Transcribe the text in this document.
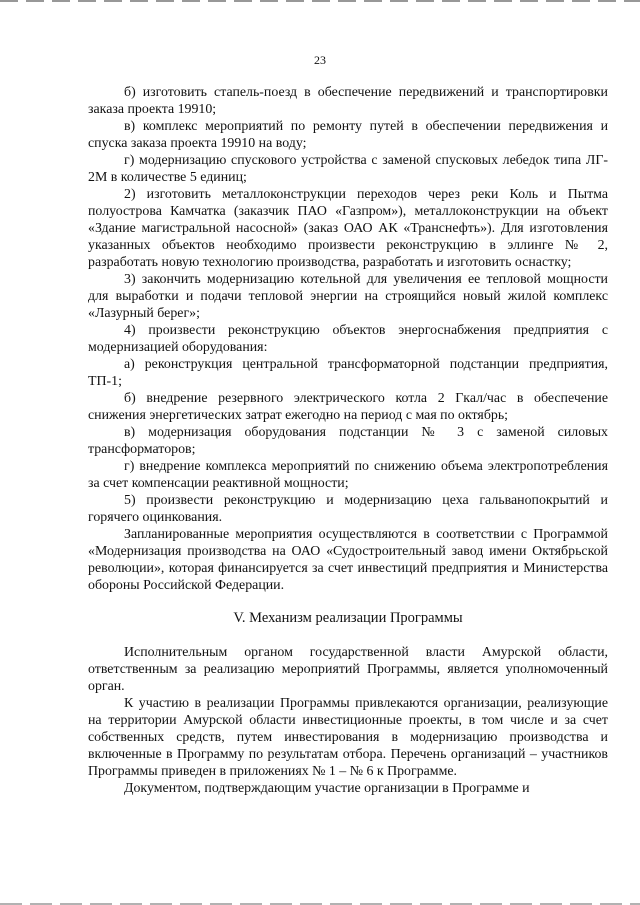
23

б) изготовить стапель-поезд в обеспечение передвижений и транспортировки заказа проекта 19910;

в) комплекс мероприятий по ремонту путей в обеспечении передвижения и спуска заказа проекта 19910 на воду;

г) модернизацию спускового устройства с заменой спусковых лебедок типа ЛГ- 2М в количестве 5 единиц;

2) изготовить металлоконструкции переходов через реки Коль и Пытма полуострова Камчатка (заказчик ПАО «Газпром»), металлоконструкции на объект «Здание магистральной насосной» (заказ ОАО АК «Транснефть»). Для изготовления указанных объектов необходимо произвести реконструкцию в эллинге № 2, разработать новую технологию производства, разработать и изготовить оснастку;

3) закончить модернизацию котельной для увеличения ее тепловой мощности для выработки и подачи тепловой энергии на строящийся новый жилой комплекс «Лазурный берег»;

4) произвести реконструкцию объектов энергоснабжения предприятия с модернизацией оборудования:

а) реконструкция центральной трансформаторной подстанции предприятия, ТП-1;

б) внедрение резервного электрического котла 2 Гкал/час в обеспечение снижения энергетических затрат ежегодно на период с мая по октябрь;

в) модернизация оборудования подстанции № 3 с заменой силовых трансформаторов;

г) внедрение комплекса мероприятий по снижению объема электропотребления за счет компенсации реактивной мощности;

5) произвести реконструкцию и модернизацию цеха гальванопокрытий и горячего оцинкования.

Запланированные мероприятия осуществляются в соответствии с Программой «Модернизация производства на ОАО «Судостроительный завод имени Октябрьской революции», которая финансируется за счет инвестиций предприятия и Министерства обороны Российской Федерации.

V. Механизм реализации Программы

Исполнительным органом государственной власти Амурской области, ответственным за реализацию мероприятий Программы, является уполномоченный орган.

К участию в реализации Программы привлекаются организации, реализующие на территории Амурской области инвестиционные проекты, в том числе и за счет собственных средств, путем инвестирования в модернизацию производства и включенные в Программу по результатам отбора. Перечень организаций – участников Программы приведен в приложениях № 1 – № 6 к Программе.

Документом, подтверждающим участие организации в Программе и
